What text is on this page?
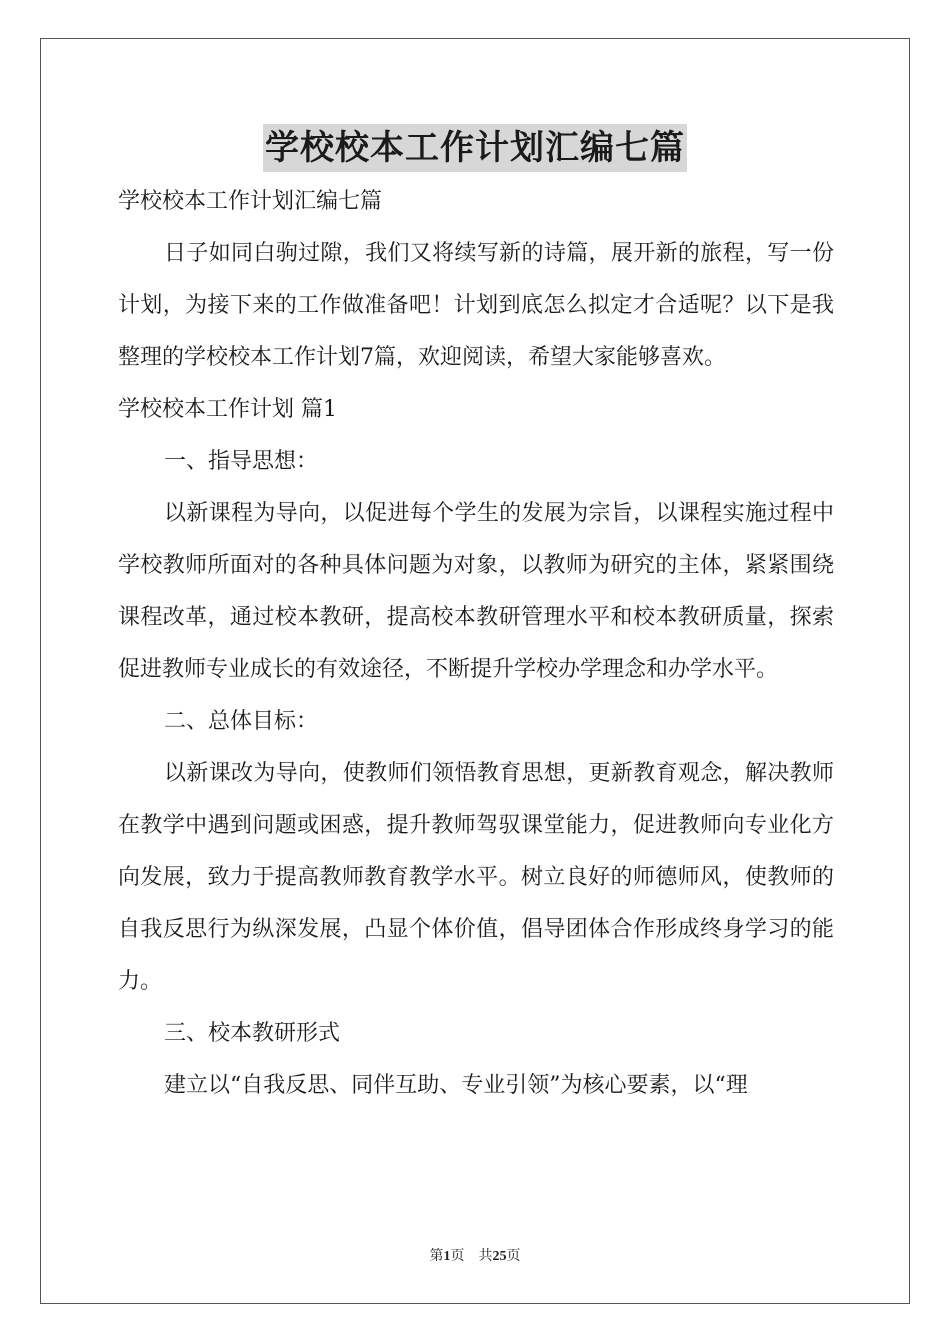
学校校本工作计划汇编七篇

学校校本工作计划汇编七篇

日子如同白驹过隙，我们又将续写新的诗篇，展开新的旅程，写一份计划，为接下来的工作做准备吧！计划到底怎么拟定才合适呢？以下是我整理的学校校本工作计划7篇，欢迎阅读，希望大家能够喜欢。

学校校本工作计划 篇1

一、指导思想：

以新课程为导向，以促进每个学生的发展为宗旨，以课程实施过程中学校教师所面对的各种具体问题为对象，以教师为研究的主体，紧紧围绕课程改革，通过校本教研，提高校本教研管理水平和校本教研质量，探索促进教师专业成长的有效途径，不断提升学校办学理念和办学水平。

二、总体目标：

以新课改为导向，使教师们领悟教育思想，更新教育观念，解决教师在教学中遇到问题或困惑，提升教师驾驭课堂能力，促进教师向专业化方向发展，致力于提高教师教育教学水平。树立良好的师德师风，使教师的自我反思行为纵深发展，凸显个体价值，倡导团体合作形成终身学习的能力。

三、校本教研形式

建立以“自我反思、同伴互助、专业引领”为核心要素，以“理

第1页 共25页
